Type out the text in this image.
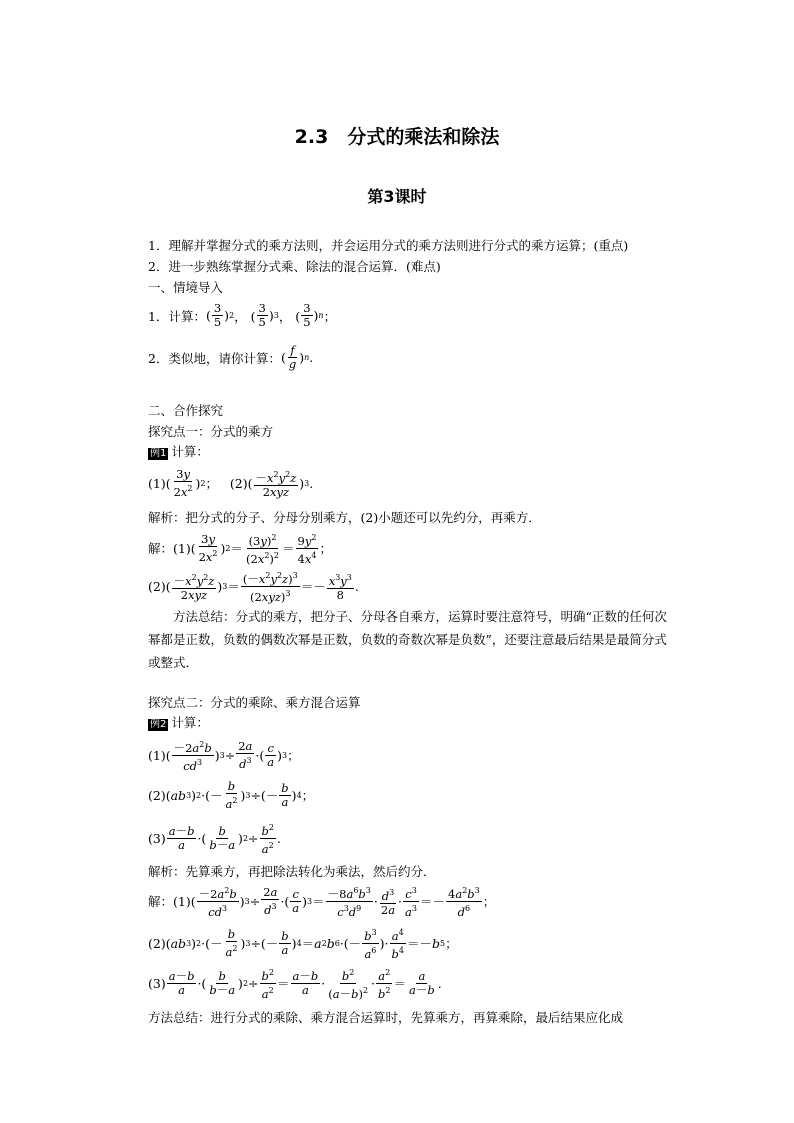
2.3　分式的乘法和除法
第3课时
1．理解并掌握分式的乘方法则，并会运用分式的乘方法则进行分式的乘方运算；(重点)
2．进一步熟练掌握分式乘、除法的混合运算．(难点)
一、情境导入
1．计算： ( $\frac{3}{5}$ ) 2 ， ( $\frac{3}{5}$ ) 3 ， ( $\frac{3}{5}$ ) n ；
2．类似地，请你计算： ( $\frac{f}{g}$ ) n .
二、合作探究
探究点一：分式的乘方
例1 计算：
$(1)( \frac{3y}{2x^2}$ ) 2 ；   $(2)( \frac{-x^2y^2z}{\text{2xyz}}$ ) 3 .
解析：把分式的分子、分母分别乘方，(2)小题还可以先约分，再乘方．
解：$(1)( \frac{3y}{2x^2}$ ) $2 = \frac{(3y)^2}{(2x^2)^2} = \frac{9y^2}{4x^4}$ ；
$(2)( \frac{-x^2y^2z}{\text{2xyz}}$ ) $3 = \frac{(-x^2y^2z)^3}{(2xyz)^3} =- \frac{x^3y^3}{8}$ .
方法总结：分式的乘方，把分子、分母各自乘方，运算时要注意符号，明确“正数的任何次幂都是正数，负数的偶数次幂是正数，负数的奇数次幂是负数”，还要注意最后结果是最简分式或整式．
探究点二：分式的乘除、乘方混合运算
例2 计算：
$(1)( \frac{-2a^2b}{cd^3}$ ) $3 \div \frac{2a}{d^3}$ ·( $\frac{c}{a}$ ) 3 ；
(2)( ab 3 ) 2 ·(－ $\frac{b}{a^2}$ ) 3 ÷(－ $\frac{b}{a}$ ) 4 ；
$(3) \frac{a-b}{a}$ ·( $\frac{b}{b-a}$ ) $2 \div \frac{b^2}{a^2}$ .
解析：先算乘方，再把除法转化为乘法，然后约分．
解：$(1)( \frac{-2a^2b}{cd^3}$ ) $3 \div \frac{2a}{d^3}$ ·( $\frac{c}{a}$ ) $3 = \frac{-8a^6b^3}{c^3d^9} \cdot \frac{d^3}{2a} \cdot \frac{c^3}{a^3} =- \frac{4a^2b^3}{d^6}$ ；
(2)( ab 3 ) 2 ·(－ $\frac{b}{a^2}$ ) 3 ÷(－ $\frac{b}{a}$ ) 4 ＝ a 2 b 6 ·(－ $\frac{b^3}{a^6}$ )· $\frac{a^4}{b^4} =- b$ 5 ；
$(3) \frac{a-b}{a}$ ·( $\frac{b}{b-a}$ ) $2 \div \frac{b^2}{a^2} = \frac{a-b}{a} \cdot \frac{b^2}{(a-b)^2} \cdot \frac{a^2}{b^2} = \frac{a}{a-b}$ .
方法总结：进行分式的乘除、乘方混合运算时，先算乘方，再算乘除，最后结果应化成
